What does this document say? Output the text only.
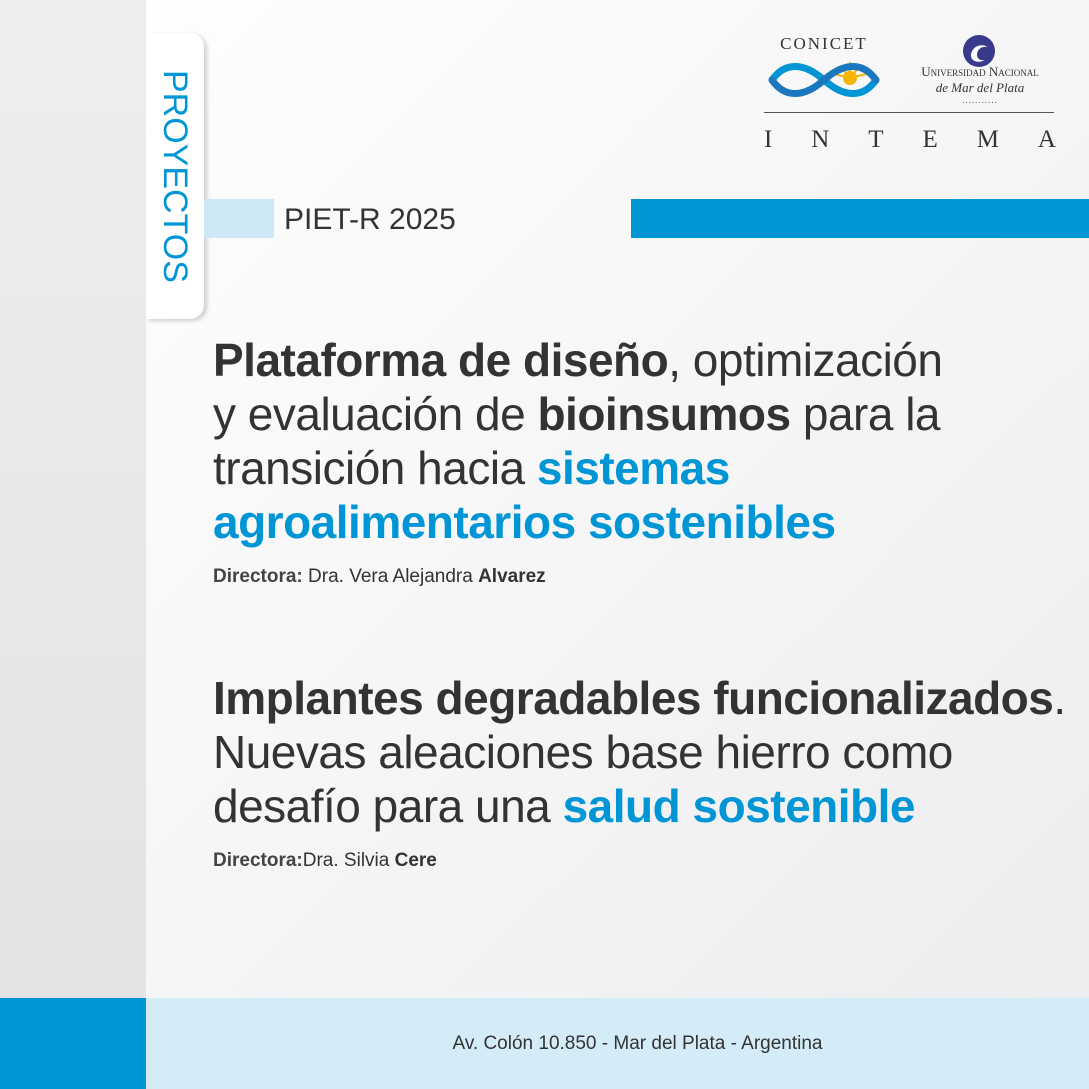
PROYECTOS	PIET-R 2025
CONICET
Universidad Nacional
de Mar del Plata
...........
I N T E M A
Plataforma de diseño, optimización
y evaluación de bioinsumos para la
transición hacia sistemas
agroalimentarios sostenibles
Directora: Dra. Vera Alejandra Alvarez
Implantes degradables funcionalizados.
Nuevas aleaciones base hierro como
desafío para una salud sostenible
Directora:Dra. Silvia Cere
Av. Colón 10.850 - Mar del Plata - Argentina
